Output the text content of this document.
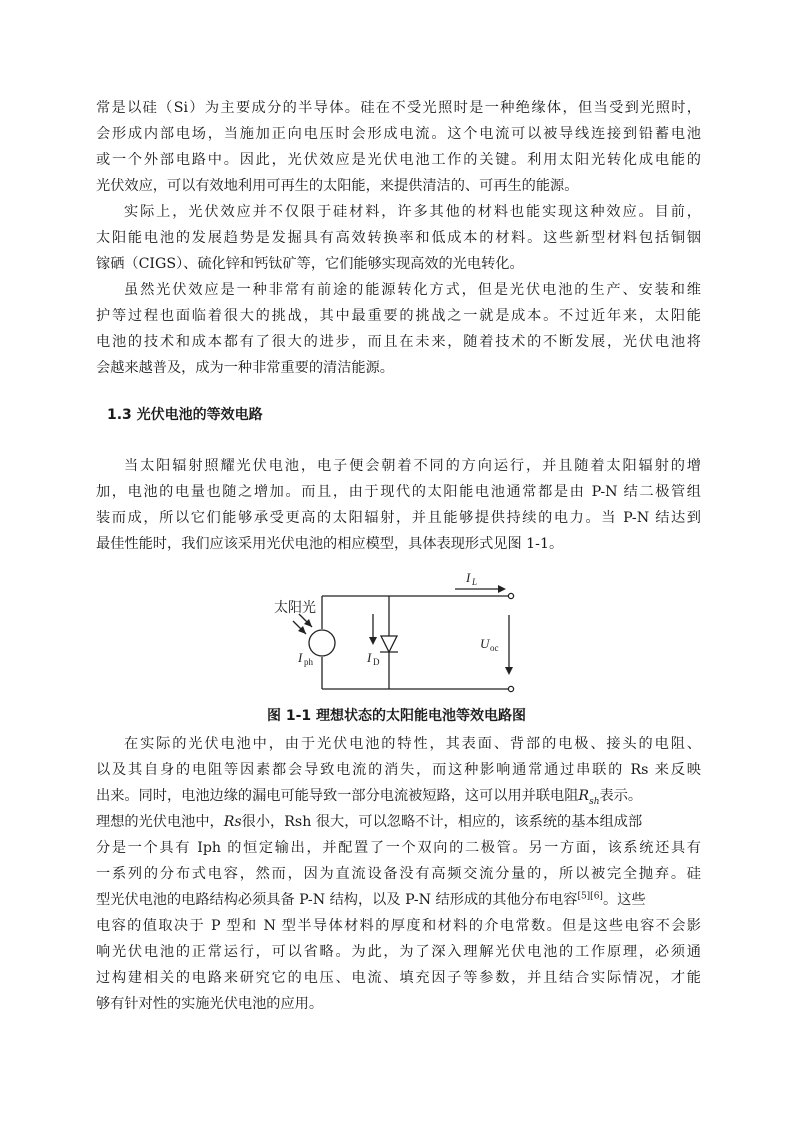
常是以硅（Si）为主要成分的半导体。硅在不受光照时是一种绝缘体，但当受到光照时，
会形成内部电场，当施加正向电压时会形成电流。这个电流可以被导线连接到铅蓄电池
或一个外部电路中。因此，光伏效应是光伏电池工作的关键。利用太阳光转化成电能的
光伏效应，可以有效地利用可再生的太阳能，来提供清洁的、可再生的能源。
实际上，光伏效应并不仅限于硅材料，许多其他的材料也能实现这种效应。目前，
太阳能电池的发展趋势是发掘具有高效转换率和低成本的材料。这些新型材料包括铜铟
镓硒（CIGS）、硫化锌和钙钛矿等，它们能够实现高效的光电转化。
虽然光伏效应是一种非常有前途的能源转化方式，但是光伏电池的生产、安装和维
护等过程也面临着很大的挑战，其中最重要的挑战之一就是成本。不过近年来，太阳能
电池的技术和成本都有了很大的进步，而且在未来，随着技术的不断发展，光伏电池将
会越来越普及，成为一种非常重要的清洁能源。
1.3 光伏电池的等效电路
当太阳辐射照耀光伏电池，电子便会朝着不同的方向运行，并且随着太阳辐射的增
加，电池的电量也随之增加。而且，由于现代的太阳能电池通常都是由 P-N 结二极管组
装而成，所以它们能够承受更高的太阳辐射，并且能够提供持续的电力。当 P-N 结达到
最佳性能时，我们应该采用光伏电池的相应模型，具体表现形式见图 1-1。
太阳光
I ph	I D
I L
U oc
图 1-1 理想状态的太阳能电池等效电路图
在实际的光伏电池中，由于光伏电池的特性，其表面、背部的电极、接头的电阻、
以及其自身的电阻等因素都会导致电流的消失，而这种影响通常通过串联的 Rs 来反映
出来。同时，电池边缘的漏电可能导致一部分电流被短路，这可以用并联电阻$R_{sh}$表示。
理想的光伏电池中，Rs很小，Rsh 很大，可以忽略不计，相应的，该系统的基本组成部
分是一个具有 Iph 的恒定输出，并配置了一个双向的二极管。另一方面，该系统还具有
一系列的分布式电容，然而，因为直流设备没有高频交流分量的，所以被完全抛弃。硅
型光伏电池的电路结构必须具备 P-N 结构，以及 P-N 结形成的其他分布电容[5][6]。这些
电容的值取决于 P 型和 N 型半导体材料的厚度和材料的介电常数。但是这些电容不会影
响光伏电池的正常运行，可以省略。为此，为了深入理解光伏电池的工作原理，必须通
过构建相关的电路来研究它的电压、电流、填充因子等参数，并且结合实际情况，才能
够有针对性的实施光伏电池的应用。
